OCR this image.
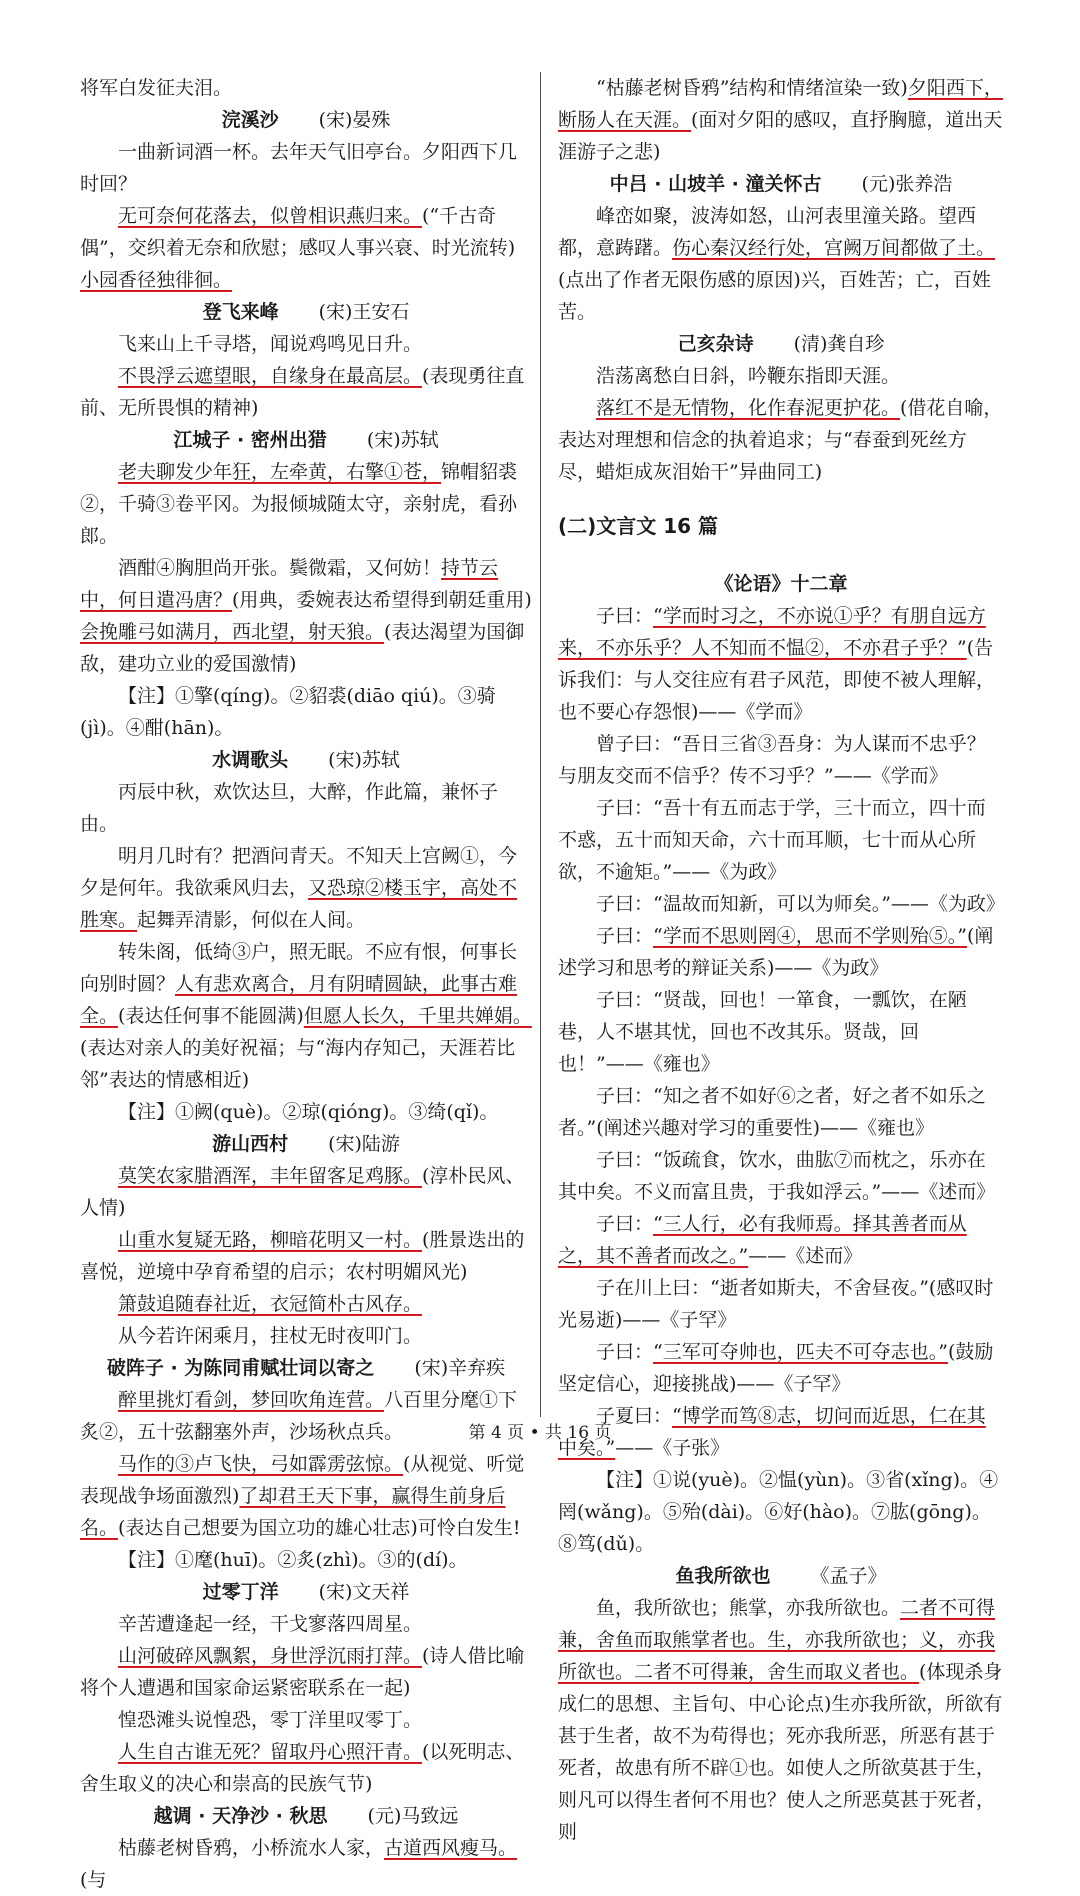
将军白发征夫泪。

浣溪沙 (宋)晏殊

一曲新词酒一杯。去年天气旧亭台。夕阳西下几时回？

无可奈何花落去，似曾相识燕归来。(“千古奇偶”，交织着无奈和欣慰；感叹人事兴衰、时光流转)小园香径独徘徊。

登飞来峰 (宋)王安石

飞来山上千寻塔，闻说鸡鸣见日升。

不畏浮云遮望眼，自缘身在最高层。(表现勇往直前、无所畏惧的精神)

江城子 · 密州出猎 (宋)苏轼

老夫聊发少年狂，左牵黄，右擎①苍，锦帽貂裘②，千骑③卷平冈。为报倾城随太守，亲射虎，看孙郎。

酒酣④胸胆尚开张。鬓微霜，又何妨！持节云中，何日遣冯唐？(用典，委婉表达希望得到朝廷重用)会挽雕弓如满月，西北望，射天狼。(表达渴望为国御敌，建功立业的爱国激情)

【注】①擎(qíng)。②貂裘(diāo qiú)。③骑(jì)。④酣(hān)。

水调歌头 (宋)苏轼

丙辰中秋，欢饮达旦，大醉，作此篇，兼怀子由。

明月几时有？把酒问青天。不知天上宫阙①，今夕是何年。我欲乘风归去，又恐琼②楼玉宇，高处不胜寒。起舞弄清影，何似在人间。

转朱阁，低绮③户，照无眠。不应有恨，何事长向别时圆？人有悲欢离合，月有阴晴圆缺，此事古难全。(表达任何事不能圆满)但愿人长久，千里共婵娟。(表达对亲人的美好祝福；与“海内存知己，天涯若比邻”表达的情感相近)

【注】①阙(què)。②琼(qióng)。③绮(qǐ)。

游山西村 (宋)陆游

莫笑农家腊酒浑，丰年留客足鸡豚。(淳朴民风、人情)

山重水复疑无路，柳暗花明又一村。(胜景迭出的喜悦，逆境中孕育希望的启示；农村明媚风光)

箫鼓追随春社近，衣冠简朴古风存。

从今若许闲乘月，拄杖无时夜叩门。

破阵子 · 为陈同甫赋壮词以寄之 (宋)辛弃疾

醉里挑灯看剑，梦回吹角连营。八百里分麾①下炙②，五十弦翻塞外声，沙场秋点兵。

马作的③卢飞快，弓如霹雳弦惊。(从视觉、听觉表现战争场面激烈)了却君王天下事，赢得生前身后名。(表达自己想要为国立功的雄心壮志)可怜白发生!

【注】①麾(huī)。②炙(zhì)。③的(dí)。

过零丁洋 (宋)文天祥

辛苦遭逢起一经，干戈寥落四周星。

山河破碎风飘絮，身世浮沉雨打萍。(诗人借比喻将个人遭遇和国家命运紧密联系在一起)

惶恐滩头说惶恐，零丁洋里叹零丁。

人生自古谁无死？留取丹心照汗青。(以死明志、舍生取义的决心和崇高的民族气节)

越调 · 天净沙 · 秋思 (元)马致远

枯藤老树昏鸦，小桥流水人家，古道西风瘦马。(与

“枯藤老树昏鸦”结构和情绪渲染一致)夕阳西下，断肠人在天涯。(面对夕阳的感叹，直抒胸臆，道出天涯游子之悲)

中吕 · 山坡羊 · 潼关怀古 (元)张养浩

峰峦如聚，波涛如怒，山河表里潼关路。望西都，意踌躇。伤心秦汉经行处，宫阙万间都做了土。(点出了作者无限伤感的原因)兴，百姓苦；亡，百姓苦。

己亥杂诗 (清)龚自珍

浩荡离愁白日斜，吟鞭东指即天涯。

落红不是无情物，化作春泥更护花。(借花自喻，表达对理想和信念的执着追求；与“春蚕到死丝方尽，蜡炬成灰泪始干”异曲同工)

(二)文言文 16 篇
《论语》十二章

子曰：“学而时习之，不亦说①乎？有朋自远方来，不亦乐乎？人不知而不愠②，不亦君子乎？”(告诉我们：与人交往应有君子风范，即使不被人理解，也不要心存怨恨)——《学而》

曾子曰：“吾日三省③吾身：为人谋而不忠乎？与朋友交而不信乎？传不习乎？”——《学而》

子曰：“吾十有五而志于学，三十而立，四十而不惑，五十而知天命，六十而耳顺，七十而从心所欲，不逾矩。”——《为政》

子曰：“温故而知新，可以为师矣。”——《为政》

子曰：“学而不思则罔④，思而不学则殆⑤。”(阐述学习和思考的辩证关系)——《为政》

子曰：“贤哉，回也！一箪食，一瓢饮，在陋巷，人不堪其忧，回也不改其乐。贤哉，回也！”——《雍也》

子曰：“知之者不如好⑥之者，好之者不如乐之者。”(阐述兴趣对学习的重要性)——《雍也》

子曰：“饭疏食，饮水，曲肱⑦而枕之，乐亦在其中矣。不义而富且贵，于我如浮云。”——《述而》

子曰：“三人行，必有我师焉。择其善者而从之，其不善者而改之。”——《述而》

子在川上曰：“逝者如斯夫，不舍昼夜。”(感叹时光易逝)——《子罕》

子曰：“三军可夺帅也，匹夫不可夺志也。”(鼓励坚定信心，迎接挑战)——《子罕》

子夏曰：“博学而笃⑧志，切问而近思，仁在其中矣。”——《子张》

【注】①说(yuè)。②愠(yùn)。③省(xǐng)。④罔(wǎng)。⑤殆(dài)。⑥好(hào)。⑦肱(gōng)。⑧笃(dǔ)。

鱼我所欲也 《孟子》

鱼，我所欲也；熊掌，亦我所欲也。二者不可得兼，舍鱼而取熊掌者也。生，亦我所欲也；义，亦我所欲也。二者不可得兼，舍生而取义者也。(体现杀身成仁的思想、主旨句、中心论点)生亦我所欲，所欲有甚于生者，故不为苟得也；死亦我所恶，所恶有甚于死者，故患有所不辟①也。如使人之所欲莫甚于生，则凡可以得生者何不用也？使人之所恶莫甚于死者，则

第 4 页 • 共 16 页
